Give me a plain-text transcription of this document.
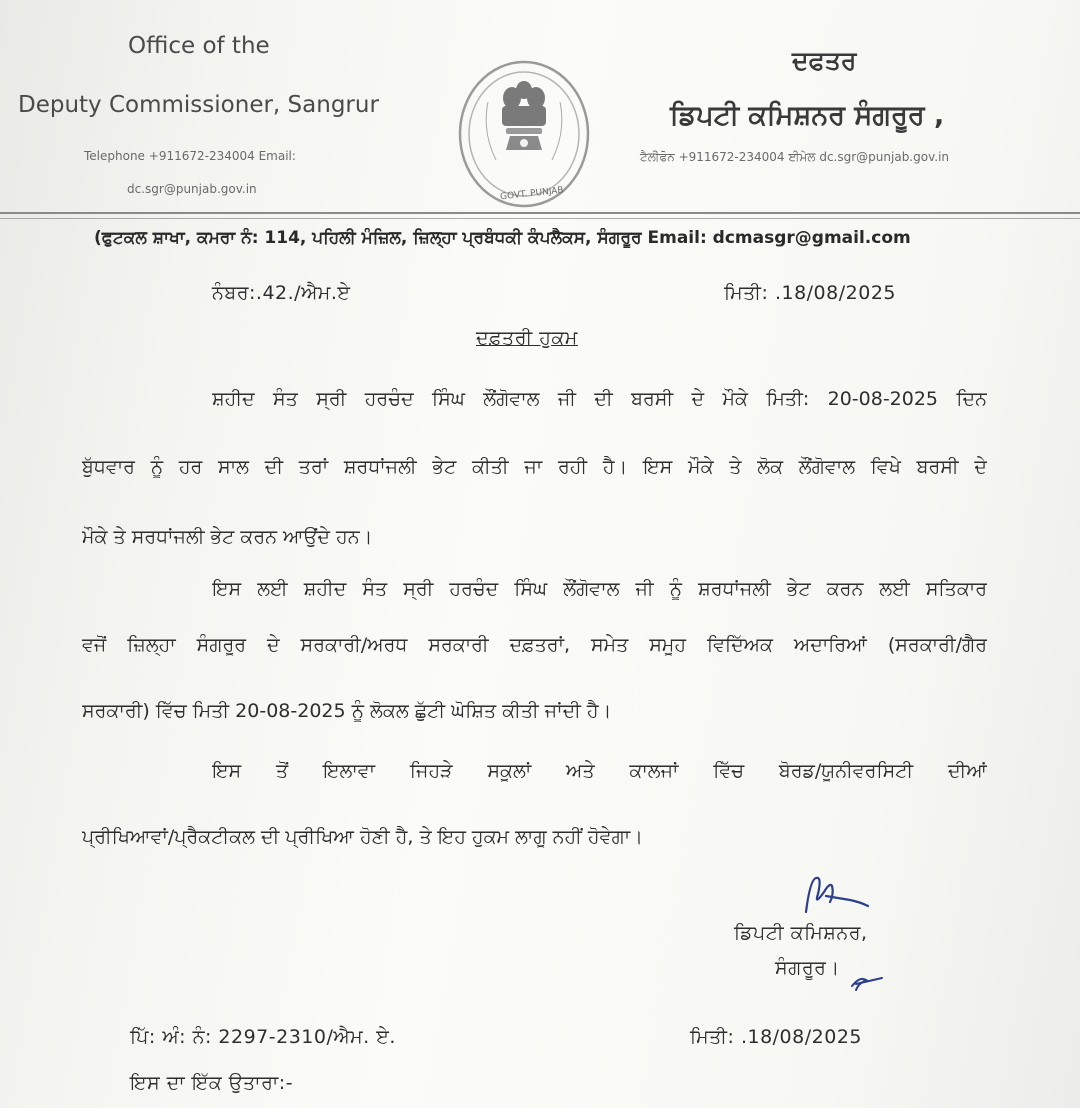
Office of the
Deputy Commissioner, Sangrur
Telephone +911672-234004 Email:
dc.sgr@punjab.gov.in	GOVT. PUNJAB
ਦਫਤਰ
ਡਿਪਟੀ ਕਮਿਸ਼ਨਰ ਸੰਗਰੂਰ ,
ਟੈਲੀਫੋਨ +911672-234004 ਈਮੇਲ dc.sgr@punjab.gov.in
(ਫੁਟਕਲ ਸ਼ਾਖਾ, ਕਮਰਾ ਨੰ: 114, ਪਹਿਲੀ ਮੰਜ਼ਿਲ, ਜ਼ਿਲ੍ਹਾ ਪ੍ਰਬੰਧਕੀ ਕੰਪਲੈਕਸ, ਸੰਗਰੂਰ Email: dcmasgr@gmail.com
ਨੰਬਰ:.42./ਐਮ.ਏ	ਮਿਤੀ: .18/08/2025
ਦਫ਼ਤਰੀ ਹੁਕਮ
ਸ਼ਹੀਦ ਸੰਤ ਸ੍ਰੀ ਹਰਚੰਦ ਸਿੰਘ ਲੌਂਗੋਵਾਲ ਜੀ ਦੀ ਬਰਸੀ ਦੇ ਮੌਕੇ ਮਿਤੀ: 20-08-2025 ਦਿਨ
ਬੁੱਧਵਾਰ ਨੂੰ ਹਰ ਸਾਲ ਦੀ ਤਰਾਂ ਸ਼ਰਧਾਂਜਲੀ ਭੇਟ ਕੀਤੀ ਜਾ ਰਹੀ ਹੈ। ਇਸ ਮੌਕੇ ਤੇ ਲੋਕ ਲੌਂਗੋਵਾਲ ਵਿਖੇ ਬਰਸੀ ਦੇ
ਮੌਕੇ ਤੇ ਸਰਧਾਂਜਲੀ ਭੇਟ ਕਰਨ ਆਉਂਦੇ ਹਨ।
ਇਸ ਲਈ ਸ਼ਹੀਦ ਸੰਤ ਸ੍ਰੀ ਹਰਚੰਦ ਸਿੰਘ ਲੌਂਗੋਵਾਲ ਜੀ ਨੂੰ ਸ਼ਰਧਾਂਜਲੀ ਭੇਟ ਕਰਨ ਲਈ ਸਤਿਕਾਰ
ਵਜੋਂ ਜ਼ਿਲ੍ਹਾ ਸੰਗਰੂਰ ਦੇ ਸਰਕਾਰੀ/ਅਰਧ ਸਰਕਾਰੀ ਦਫ਼ਤਰਾਂ, ਸਮੇਤ ਸਮੂਹ ਵਿਦਿੱਅਕ ਅਦਾਰਿਆਂ (ਸਰਕਾਰੀ/ਗੈਰ
ਸਰਕਾਰੀ) ਵਿੱਚ ਮਿਤੀ 20-08-2025 ਨੂੰ ਲੋਕਲ ਛੁੱਟੀ ਘੋਸ਼ਿਤ ਕੀਤੀ ਜਾਂਦੀ ਹੈ।
ਇਸ ਤੋਂ ਇਲਾਵਾ ਜਿਹੜੇ ਸਕੂਲਾਂ ਅਤੇ ਕਾਲਜਾਂ ਵਿੱਚ ਬੋਰਡ/ਯੂਨੀਵਰਸਿਟੀ ਦੀਆਂ
ਪ੍ਰੀਖਿਆਵਾਂ/ਪ੍ਰੈਕਟੀਕਲ ਦੀ ਪ੍ਰੀਖਿਆ ਹੋਣੀ ਹੈ, ਤੇ ਇਹ ਹੁਕਮ ਲਾਗੂ ਨਹੀਂ ਹੋਵੇਗਾ।
ਡਿਪਟੀ ਕਮਿਸ਼ਨਰ,
ਸੰਗਰੂਰ।
ਪਿੱ: ਅੰ: ਨੰ: 2297-2310/ਐਮ. ਏ.	ਮਿਤੀ: .18/08/2025
ਇਸ ਦਾ ਇੱਕ ਉਤਾਰਾ:-
